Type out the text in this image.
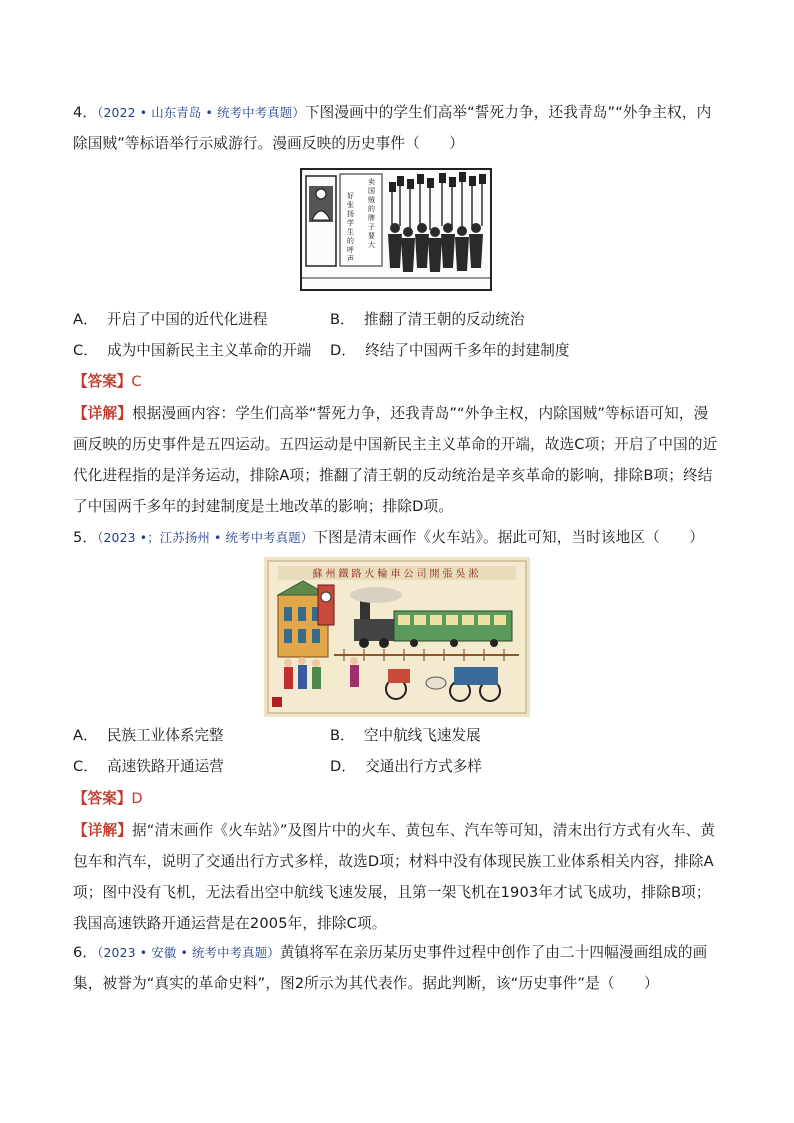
4．（2022 • 山东青岛 • 统考中考真题）下图漫画中的学生们高举“誓死力争，还我青岛”“外争主权，内除国贼”等标语举行示威游行。漫画反映的历史事件（　　）
卖
国
贼
的
牌
子
要
大
好
张
扬
学
生
的
呼
声
A． 开启了中国的近代化进程	B． 推翻了清王朝的反动统治
C． 成为中国新民主主义革命的开端 D． 终结了中国两千多年的封建制度
【答案】C
【详解】根据漫画内容：学生们高举“誓死力争，还我青岛”“外争主权，内除国贼”等标语可知，漫画反映的历史事件是五四运动。五四运动是中国新民主主义革命的开端，故选C项；开启了中国的近代化进程指的是洋务运动，排除A项；推翻了清王朝的反动统治是辛亥革命的影响，排除B项；终结了中国两千多年的封建制度是土地改革的影响；排除D项。
5．（2023 •；江苏扬州 • 统考中考真题）下图是清末画作《火车站》。据此可知，当时该地区（　　）
蘇州鐵路火輪車公司開張吳淞
A． 民族工业体系完整	B． 空中航线飞速发展
C． 高速铁路开通运营	D． 交通出行方式多样
【答案】D
【详解】据“清末画作《火车站》”及图片中的火车、黄包车、汽车等可知，清末出行方式有火车、黄包车和汽车，说明了交通出行方式多样，故选D项；材料中没有体现民族工业体系相关内容，排除A项；图中没有飞机，无法看出空中航线飞速发展，且第一架飞机在1903年才试飞成功，排除B项；我国高速铁路开通运营是在2005年，排除C项。
6．（2023 • 安徽 • 统考中考真题）黄镇将军在亲历某历史事件过程中创作了由二十四幅漫画组成的画集，被誉为“真实的革命史料”，图2所示为其代表作。据此判断，该“历史事件”是（　　）
